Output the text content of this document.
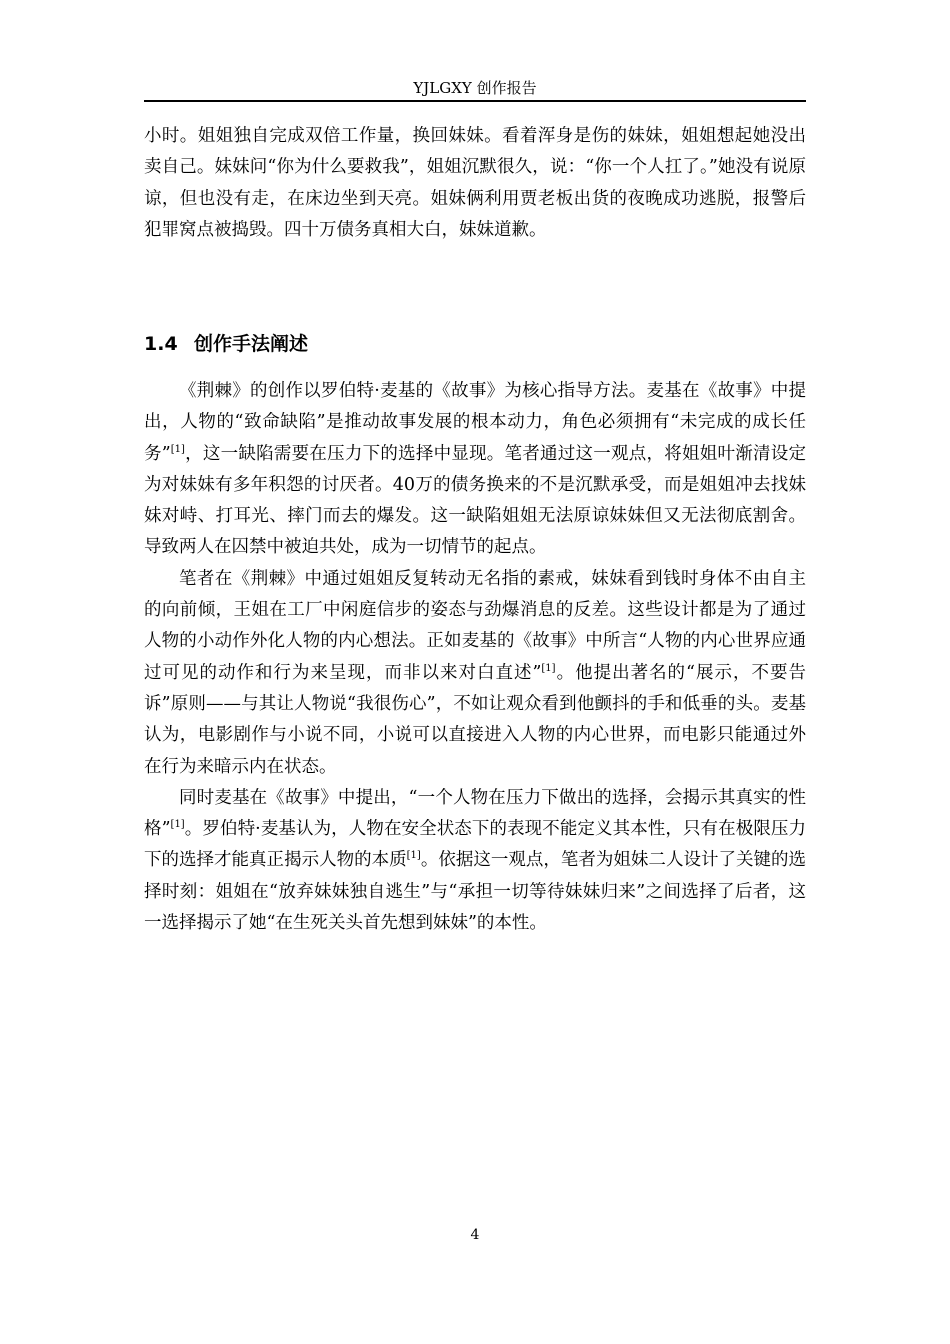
YJLGXY 创作报告

小时。姐姐独自完成双倍工作量，换回妹妹。看着浑身是伤的妹妹，姐姐想起她没出卖自己。妹妹问“你为什么要救我”，姐姐沉默很久，说：“你一个人扛了。”她没有说原谅，但也没有走，在床边坐到天亮。姐妹俩利用贾老板出货的夜晚成功逃脱，报警后犯罪窝点被捣毁。四十万债务真相大白，妹妹道歉。

1.4 创作手法阐述

《荆棘》的创作以罗伯特·麦基的《故事》为核心指导方法。麦基在《故事》中提出，人物的“致命缺陷”是推动故事发展的根本动力，角色必须拥有“未完成的成长任务”[1]，这一缺陷需要在压力下的选择中显现。笔者通过这一观点，将姐姐叶渐清设定为对妹妹有多年积怨的讨厌者。40万的债务换来的不是沉默承受，而是姐姐冲去找妹妹对峙、打耳光、摔门而去的爆发。这一缺陷姐姐无法原谅妹妹但又无法彻底割舍。导致两人在囚禁中被迫共处，成为一切情节的起点。

笔者在《荆棘》中通过姐姐反复转动无名指的素戒，妹妹看到钱时身体不由自主的向前倾，王姐在工厂中闲庭信步的姿态与劲爆消息的反差。这些设计都是为了通过人物的小动作外化人物的内心想法。正如麦基的《故事》中所言“人物的内心世界应通过可见的动作和行为来呈现，而非以来对白直述”[1]。他提出著名的“展示，不要告诉”原则——与其让人物说“我很伤心”，不如让观众看到他颤抖的手和低垂的头。麦基认为，电影剧作与小说不同，小说可以直接进入人物的内心世界，而电影只能通过外在行为来暗示内在状态。

同时麦基在《故事》中提出，“一个人物在压力下做出的选择，会揭示其真实的性格”[1]。罗伯特·麦基认为，人物在安全状态下的表现不能定义其本性，只有在极限压力下的选择才能真正揭示人物的本质[1]。依据这一观点，笔者为姐妹二人设计了关键的选择时刻：姐姐在“放弃妹妹独自逃生”与“承担一切等待妹妹归来”之间选择了后者，这一选择揭示了她“在生死关头首先想到妹妹”的本性。

4
